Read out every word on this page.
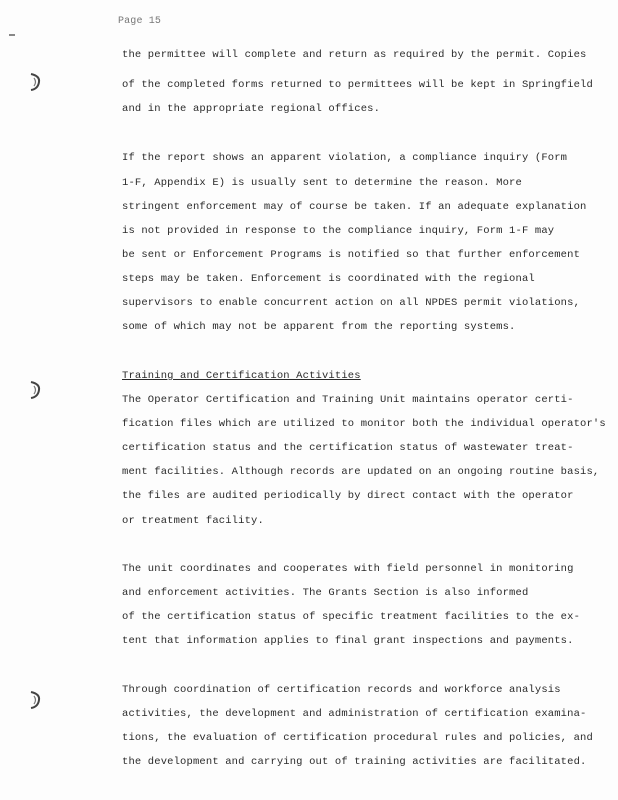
Page 15
the permittee will complete and return as required by the permit. Copies
of the completed forms returned to permittees will be kept in Springfield
and in the appropriate regional offices.
If the report shows an apparent violation, a compliance inquiry (Form
1-F, Appendix E) is usually sent to determine the reason. More
stringent enforcement may of course be taken. If an adequate explanation
is not provided in response to the compliance inquiry, Form 1-F may
be sent or Enforcement Programs is notified so that further enforcement
steps may be taken. Enforcement is coordinated with the regional
supervisors to enable concurrent action on all NPDES permit violations,
some of which may not be apparent from the reporting systems.
Training and Certification Activities
The Operator Certification and Training Unit maintains operator certi-
fication files which are utilized to monitor both the individual operator's
certification status and the certification status of wastewater treat-
ment facilities. Although records are updated on an ongoing routine basis,
the files are audited periodically by direct contact with the operator
or treatment facility.
The unit coordinates and cooperates with field personnel in monitoring
and enforcement activities. The Grants Section is also informed
of the certification status of specific treatment facilities to the ex-
tent that information applies to final grant inspections and payments.
Through coordination of certification records and workforce analysis
activities, the development and administration of certification examina-
tions, the evaluation of certification procedural rules and policies, and
the development and carrying out of training activities are facilitated.
